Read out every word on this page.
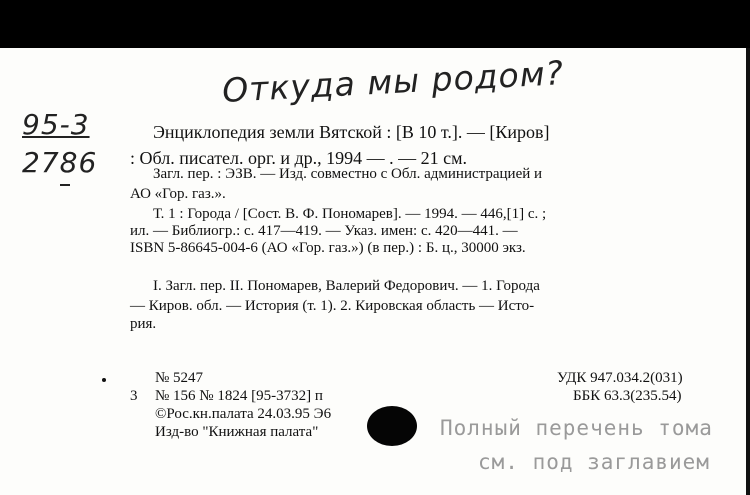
Откуда мы родом?
95-3
2786
Энциклопедия земли Вятской : [В 10 т.]. — [Киров]
: Обл. писател. орг. и др., 1994 — . — 21 см.
Загл. пер. : ЭЗВ. — Изд. совместно с Обл. администрацией и
АО «Гор. газ.».
Т. 1 : Города / [Сост. В. Ф. Пономарев]. — 1994. — 446,[1] с. ;
ил. — Библиогр.: с. 417—419. — Указ. имен: с. 420—441. —
ISBN 5-86645-004-6 (АО «Гор. газ.») (в пер.) : Б. ц., 30000 экз.
I. Загл. пер. II. Пономарев, Валерий Федорович. — 1. Города
— Киров. обл. — История (т. 1). 2. Кировская область — Исто-
рия.
№ 5247
3 № 156 № 1824 [95-3732] п
©Рос.кн.палата 24.03.95 Э6
Изд-во "Книжная палата"
УДК 947.034.2(031)
ББК 63.3(235.54)
Полный перечень тома
см. под заглавием
